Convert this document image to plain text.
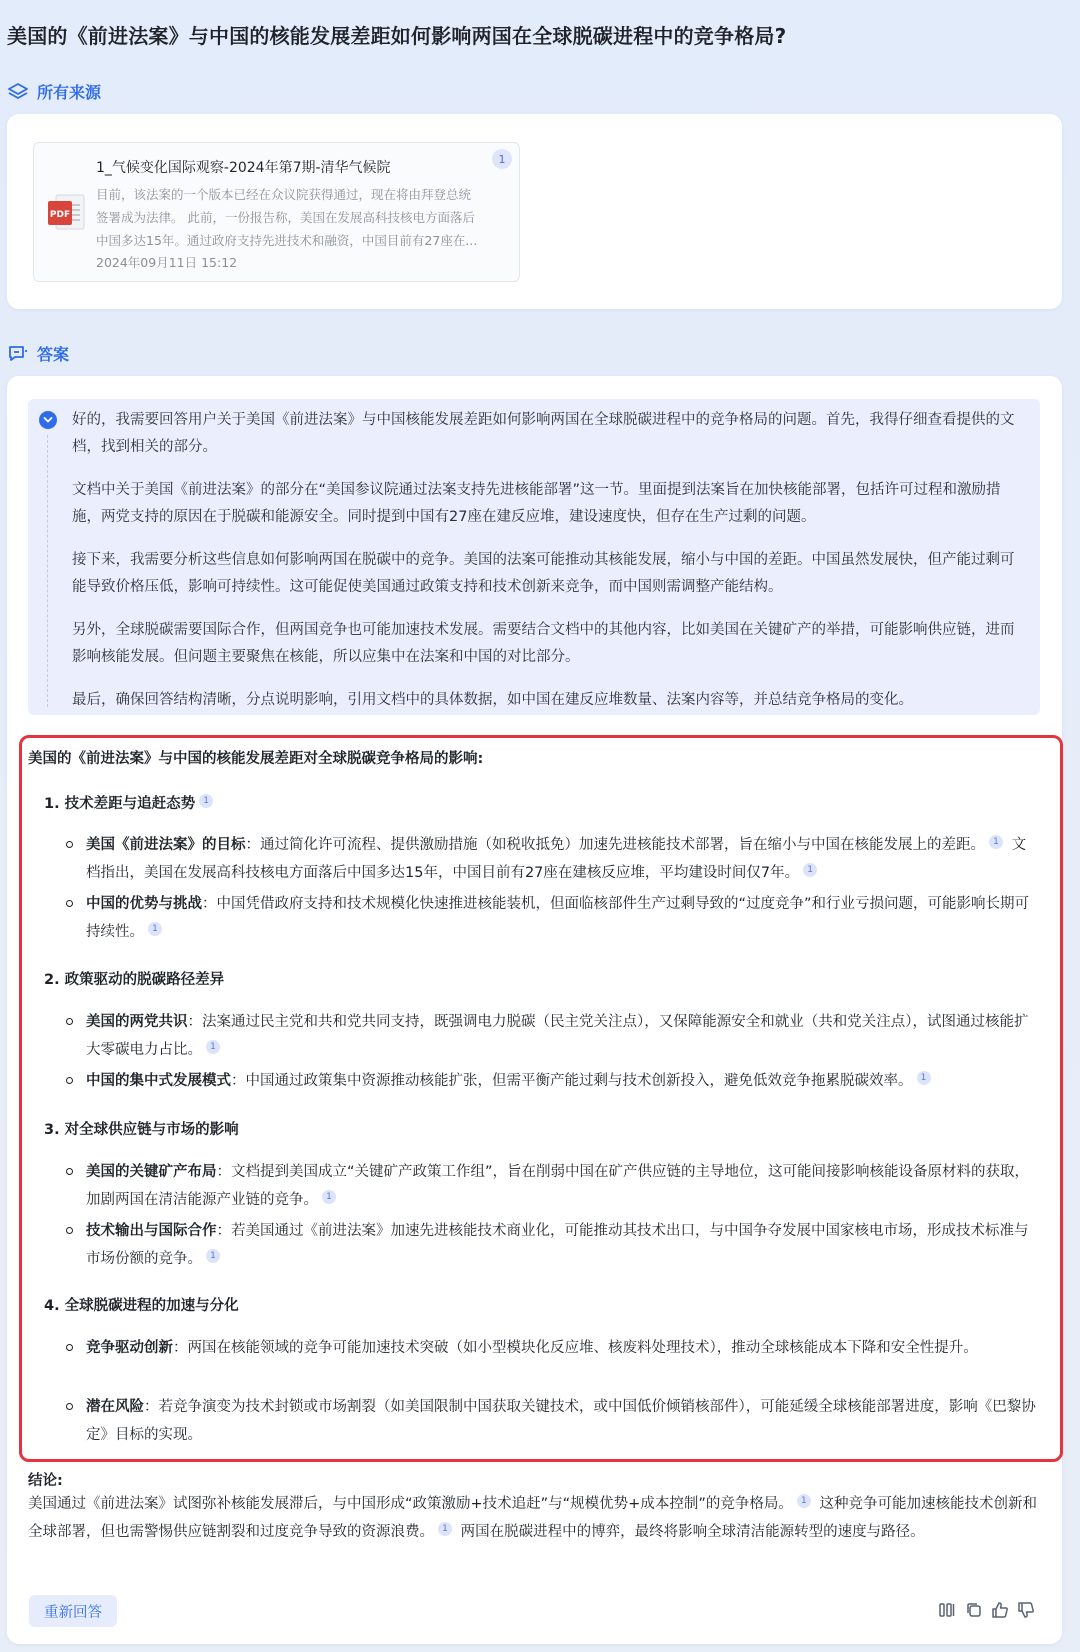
美国的《前进法案》与中国的核能发展差距如何影响两国在全球脱碳进程中的竞争格局?
所有来源
PDF
1_气候变化国际观察-2024年第7期-清华气候院
目前，该法案的一个版本已经在众议院获得通过，现在将由拜登总统
签署成为法律。 此前，一份报告称，美国在发展高科技核电方面落后
中国多达15年。通过政府支持先进技术和融资，中国目前有27座在...
2024年09月11日 15:12
1
答案

好的，我需要回答用户关于美国《前进法案》与中国核能发展差距如何影响两国在全球脱碳进程中的竞争格局的问题。首先，我得仔细查看提供的文档，找到相关的部分。

文档中关于美国《前进法案》的部分在“美国参议院通过法案支持先进核能部署”这一节。里面提到法案旨在加快核能部署，包括许可过程和激励措施，两党支持的原因在于脱碳和能源安全。同时提到中国有27座在建反应堆，建设速度快，但存在生产过剩的问题。

接下来，我需要分析这些信息如何影响两国在脱碳中的竞争。美国的法案可能推动其核能发展，缩小与中国的差距。中国虽然发展快，但产能过剩可能导致价格压低，影响可持续性。这可能促使美国通过政策支持和技术创新来竞争，而中国则需调整产能结构。

另外，全球脱碳需要国际合作，但两国竞争也可能加速技术发展。需要结合文档中的其他内容，比如美国在关键矿产的举措，可能影响供应链，进而影响核能发展。但问题主要聚焦在核能，所以应集中在法案和中国的对比部分。

最后，确保回答结构清晰，分点说明影响，引用文档中的具体数据，如中国在建反应堆数量、法案内容等，并总结竞争格局的变化。

美国的《前进法案》与中国的核能发展差距对全球脱碳竞争格局的影响:
1. 技术差距与追赶态势 1
美国《前进法案》的目标：通过简化许可流程、提供激励措施（如税收抵免）加速先进核能技术部署，旨在缩小与中国在核能发展上的差距。 1 文档指出，美国在发展高科技核电方面落后中国多达15年，中国目前有27座在建核反应堆，平均建设时间仅7年。 1
中国的优势与挑战：中国凭借政府支持和技术规模化快速推进核能装机，但面临核部件生产过剩导致的“过度竞争”和行业亏损问题，可能影响长期可持续性。 1
2. 政策驱动的脱碳路径差异
美国的两党共识：法案通过民主党和共和党共同支持，既强调电力脱碳（民主党关注点），又保障能源安全和就业（共和党关注点），试图通过核能扩大零碳电力占比。 1
中国的集中式发展模式：中国通过政策集中资源推动核能扩张，但需平衡产能过剩与技术创新投入，避免低效竞争拖累脱碳效率。 1
3. 对全球供应链与市场的影响
美国的关键矿产布局：文档提到美国成立“关键矿产政策工作组”，旨在削弱中国在矿产供应链的主导地位，这可能间接影响核能设备原材料的获取，加剧两国在清洁能源产业链的竞争。 1
技术输出与国际合作：若美国通过《前进法案》加速先进核能技术商业化，可能推动其技术出口，与中国争夺发展中国家核电市场，形成技术标准与市场份额的竞争。 1
4. 全球脱碳进程的加速与分化
竞争驱动创新：两国在核能领域的竞争可能加速技术突破（如小型模块化反应堆、核废料处理技术），推动全球核能成本下降和安全性提升。
潜在风险：若竞争演变为技术封锁或市场割裂（如美国限制中国获取关键技术，或中国低价倾销核部件），可能延缓全球核能部署进度，影响《巴黎协定》目标的实现。
结论:
美国通过《前进法案》试图弥补核能发展滞后，与中国形成“政策激励+技术追赶”与“规模优势+成本控制”的竞争格局。 1 这种竞争可能加速核能技术创新和全球部署，但也需警惕供应链割裂和过度竞争导致的资源浪费。 1 两国在脱碳进程中的博弈，最终将影响全球清洁能源转型的速度与路径。
重新回答
